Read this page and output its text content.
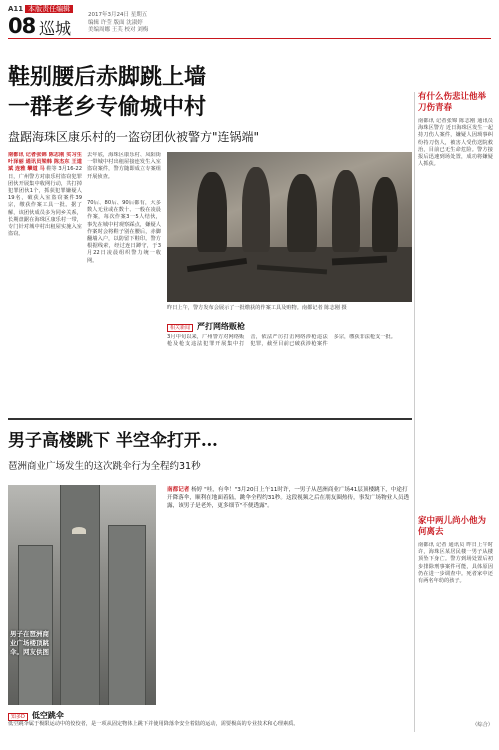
A11 本版责任编辑
08 巡城
2017年3月24日 星期五
编辑 许莹 版面 沈淑婷
美编周娜 王芙 校对 刘梅
鞋别腰后赤脚跳上墙
一群老乡专偷城中村
盘踞海珠区康乐村的一盗窃团伙被警方"连锅端"
南都讯 记者张锦 陈志刚 实习生叶泽丽 通讯员梁韩 陈杰东 王道斌 连雅 攀道 马 鞋等 3月16-22日，广州警方对康乐村盗窃犯罪团伙开展集中收网行动，共打掉犯罪团伙1个，抓获犯罪嫌疑人19名，破获入室盗窃案件39宗，缴获作案工具一批。据了解，该团伙成员多为同乡关系，长期盘踞在海珠区康乐村一带，专门针对城中村出租屋实施入室盗窃。
去年底，海珠区康乐村、凤阳街一带城中村出租屋接连发生入室盗窃案件，警方随即成立专案组开展侦查。
昨日上午，警方发布会展示了一批缴获的作案工具及赃物。南都记者 陈志刚 摄
70后、80后、90后都有，大多数人无业或在数十、一般在凌晨作案，每次作案3一5人结伙，事先在城中村观察踩点，嫌疑人作案时会将鞋子别在腰后，赤脚翻墙入户，以防留下鞋印。警方根据线索，经过连日蹲守，于3月22日凌晨组织警力统一收网。
相关新闻 严打网络贩枪
3月中旬以来，广州警方对网络贩枪及枪支违法犯罪开展集中打击，依法严厉打击网络涉枪违法犯罪，截至目前已破获涉枪案件多宗，缴获非法枪支一批。
有什么伤悲让他举刀伤青春
南都讯 记者张锦 陈志刚 通讯员 海珠区警方 近日海珠区发生一起持刀伤人案件，嫌疑人因琐事纠纷持刀伤人，被害人受伤送院救治，目前已无生命危险。警方接报后迅速到场处置，成功将嫌疑人抓获。
家中两儿尚小他为何离去
南都讯 记者 通讯员 昨日上午时许，海珠区某居民楼一男子从楼顶坠下身亡。警方到场处置后初步排除刑事案件可能，具体原因仍在进一步调查中。死者家中还有两名年幼的孩子。
（综合）
男子高楼跳下 半空伞打开…
琶洲商业广场发生的这次跳伞行为全程约31秒
男子在琶洲商业广场楼顶跳伞。网友供图
南都记者 杨婷 "哇，有伞！"3月20日上午11时许，一男子从琶洲商业广场41层顶楼跳下，中途打开降落伞，顺利在地面着陆，跳伞全程约31秒。这段视频之后在朋友圈热传，事发广场物业人员透露，该男子是老外，更多细节"不便透露"。
知多D 低空跳伞
低空跳伞属于极限运动中的佼佼者，是一项从固定物体上跳下并使用降落伞安全着陆的运动，需要极高的专业技术和心理素质。
